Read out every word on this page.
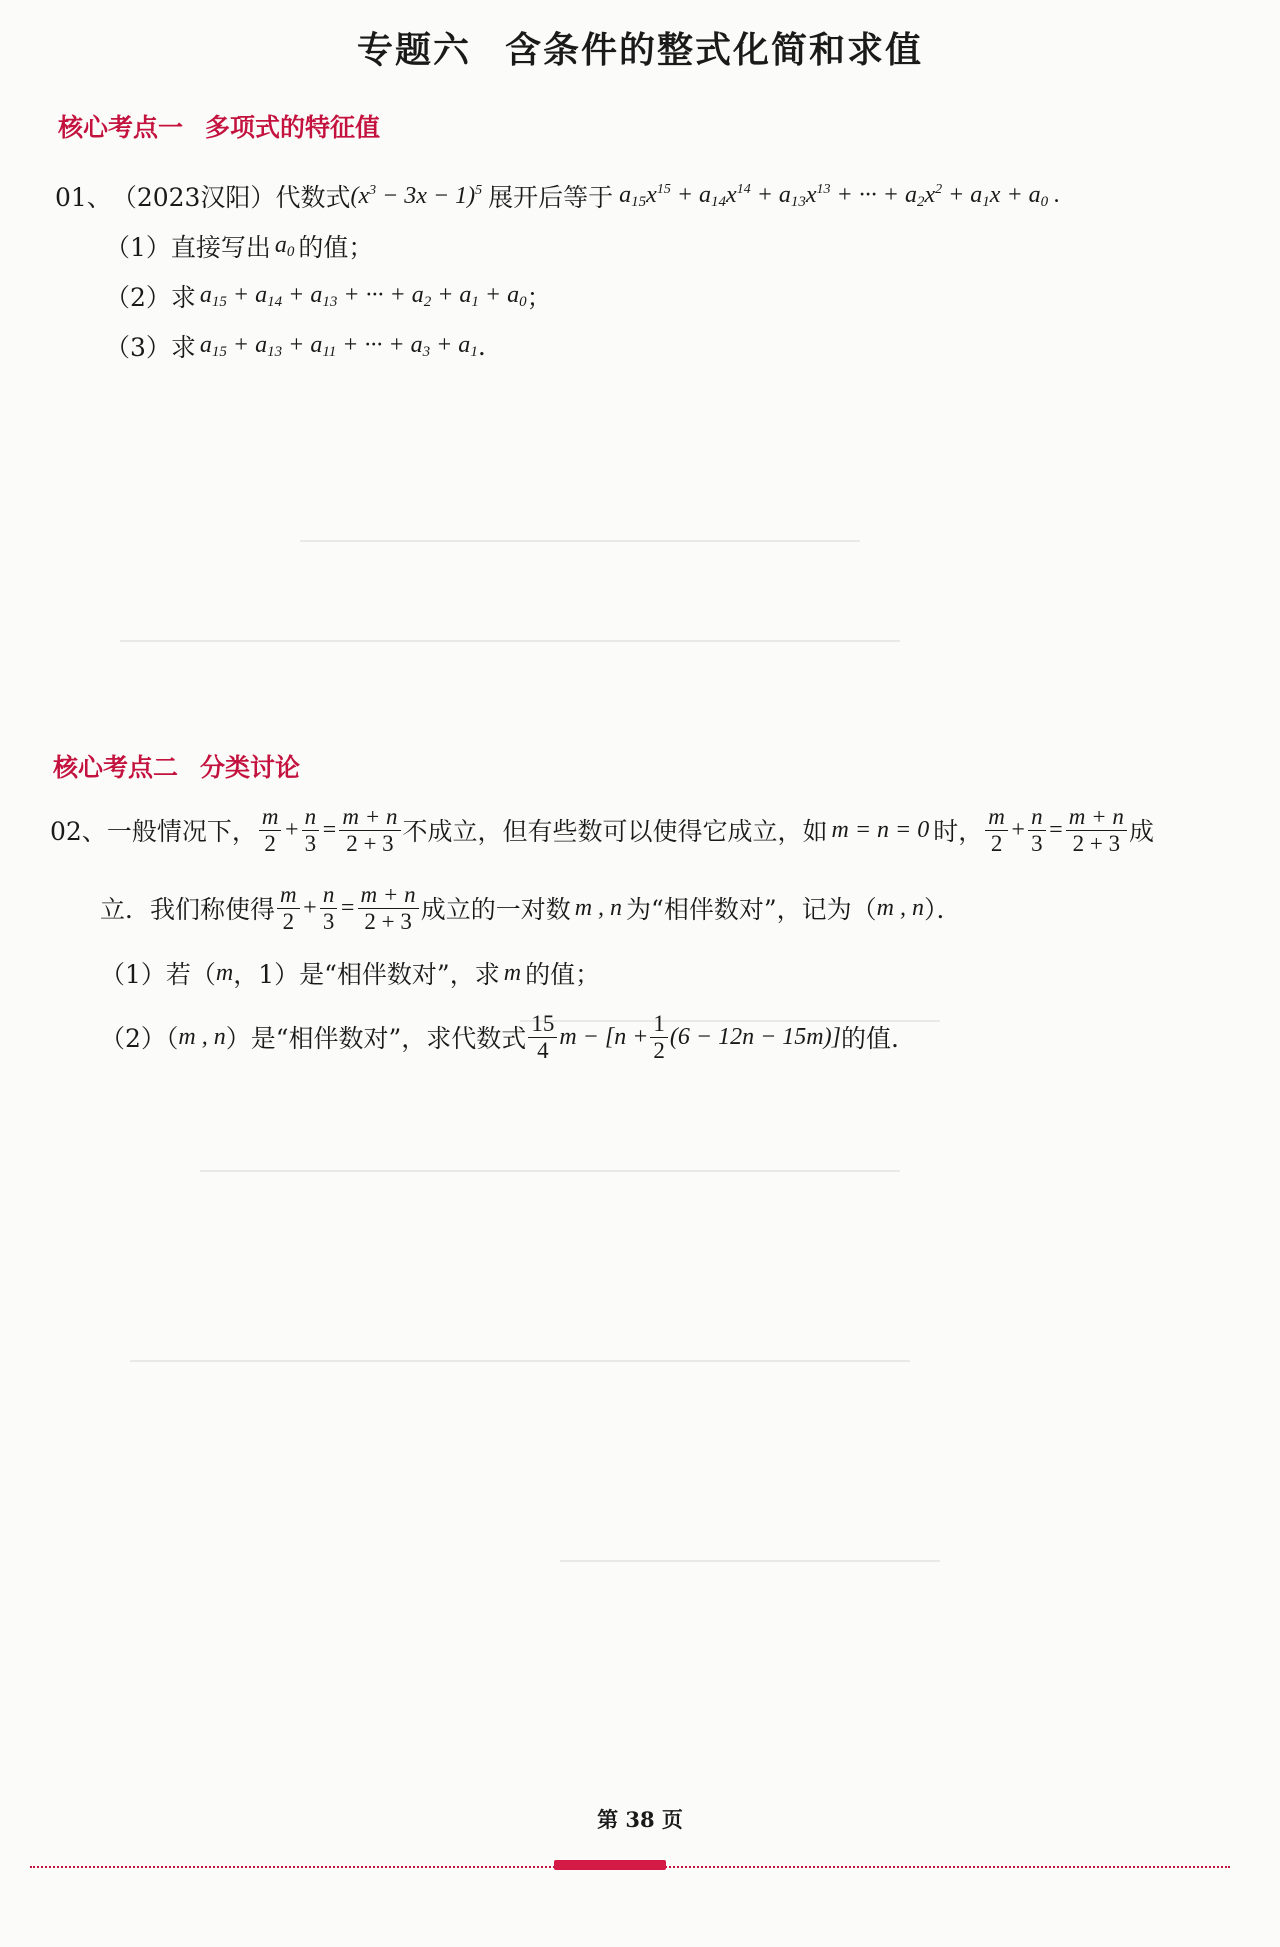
专题六 含条件的整式化简和求值
核心考点一 多项式的特征值
01、 （2023汉阳） 代数式 $(x^3 - 3x - 1)^5$ 展开后等于 $a_{15}x^{15} + a_{14}x^{14} + a_{13}x^{13}$ + ··· + $a_2x^2 + a_1x + a_0$ .
（1） 直接写出 $a_0$ 的值；
（2） 求 $a_{15} + a_{14} + a_{13}$ + ··· + $a_2 + a_1 + a_0$ ；
（3） 求 $a_{15} + a_{13} + a_{11}$ + ··· + $a_3 + a_1$ .
核心考点二 分类讨论
02、 一般情况下， $\frac{m}{2} + \frac{n}{3} = \frac{m + n}{2 + 3}$ 不成立，但有些数可以使得它成立，如 m = n = 0 时， $\frac{m}{2} + \frac{n}{3} = \frac{m + n}{2 + 3}$ 成
立．我们称使得 $\frac{m}{2} + \frac{n}{3} = \frac{m + n}{2 + 3}$ 成立的一对数 m , n 为“相伴数对”，记为（ m , n ）．
（1）若（ m ，1）是“相伴数对”，求 m 的值；
（2）（ m , n ）是“相伴数对”，求代数式 $\frac{15}{4}$ $m - [n + \frac{1}{2} (6 - 12n - 15m)]$ 的值.
第 38 页
